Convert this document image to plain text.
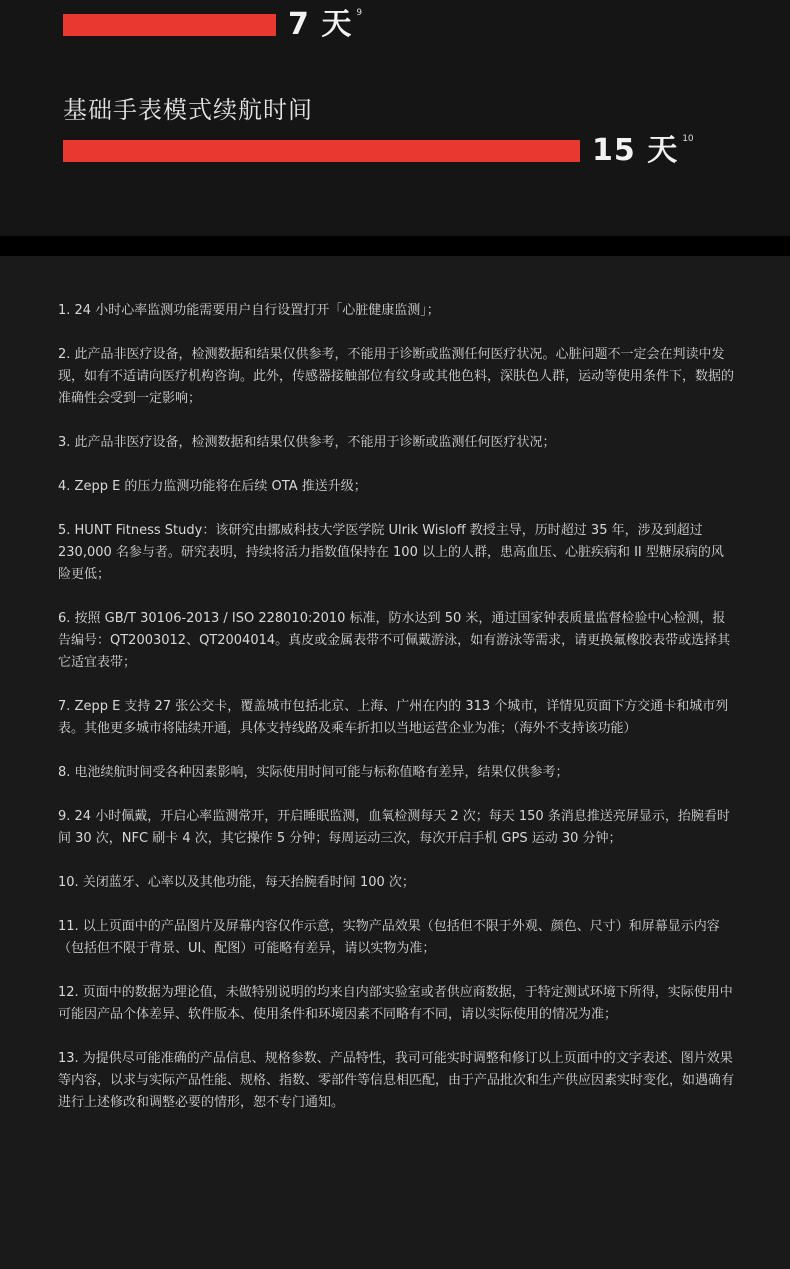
7 天 9
基础手表模式续航时间
15 天 10

1. 24 小时心率监测功能需要用户自行设置打开「心脏健康监测」；

2. 此产品非医疗设备，检测数据和结果仅供参考，不能用于诊断或监测任何医疗状况。心脏问题不一定会在判读中发现，如有不适请向医疗机构咨询。此外，传感器接触部位有纹身或其他色料，深肤色人群，运动等使用条件下，数据的准确性会受到一定影响；

3. 此产品非医疗设备，检测数据和结果仅供参考，不能用于诊断或监测任何医疗状况；

4. Zepp E 的压力监测功能将在后续 OTA 推送升级；

5. HUNT Fitness Study：该研究由挪威科技大学医学院 Ulrik Wisloff 教授主导，历时超过 35 年，涉及到超过 230,000 名参与者。研究表明，持续将活力指数值保持在 100 以上的人群，患高血压、心脏疾病和 II 型糖尿病的风险更低；

6. 按照 GB/T 30106-2013 / ISO 228010:2010 标准，防水达到 50 米，通过国家钟表质量监督检验中心检测，报告编号：QT2003012、QT2004014。真皮或金属表带不可佩戴游泳，如有游泳等需求，请更换氟橡胶表带或选择其它适宜表带；

7. Zepp E 支持 27 张公交卡，覆盖城市包括北京、上海、广州在内的 313 个城市，详情见页面下方交通卡和城市列表。其他更多城市将陆续开通，具体支持线路及乘车折扣以当地运营企业为准；（海外不支持该功能）

8. 电池续航时间受各种因素影响，实际使用时间可能与标称值略有差异，结果仅供参考；

9. 24 小时佩戴，开启心率监测常开，开启睡眠监测，血氧检测每天 2 次；每天 150 条消息推送亮屏显示，抬腕看时间 30 次，NFC 刷卡 4 次，其它操作 5 分钟；每周运动三次，每次开启手机 GPS 运动 30 分钟；

10. 关闭蓝牙、心率以及其他功能，每天抬腕看时间 100 次；

11. 以上页面中的产品图片及屏幕内容仅作示意，实物产品效果（包括但不限于外观、颜色、尺寸）和屏幕显示内容（包括但不限于背景、UI、配图）可能略有差异，请以实物为准；

12. 页面中的数据为理论值，未做特别说明的均来自内部实验室或者供应商数据，于特定测试环境下所得，实际使用中可能因产品个体差异、软件版本、使用条件和环境因素不同略有不同，请以实际使用的情况为准；

13. 为提供尽可能准确的产品信息、规格参数、产品特性，我司可能实时调整和修订以上页面中的文字表述、图片效果等内容，以求与实际产品性能、规格、指数、零部件等信息相匹配，由于产品批次和生产供应因素实时变化，如遇确有进行上述修改和调整必要的情形，恕不专门通知。
